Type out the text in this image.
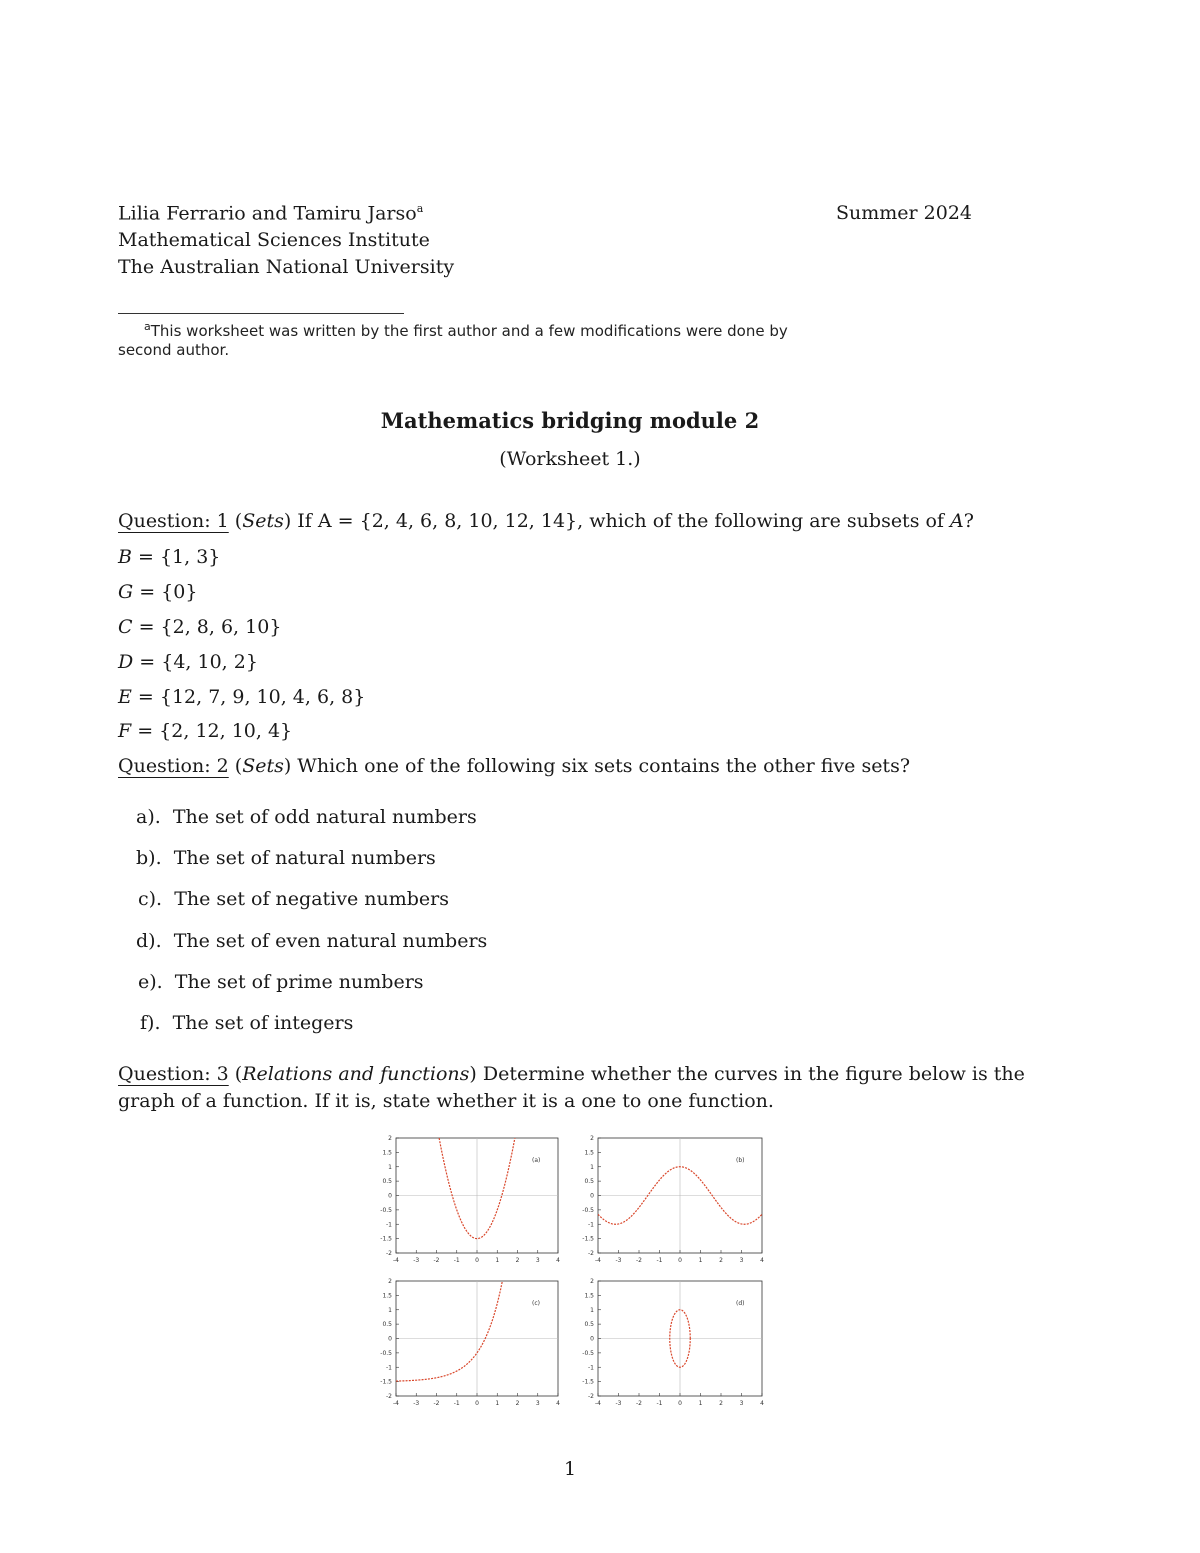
Lilia Ferrario and Tamiru Jarso$^a$	Summer 2024
Mathematical Sciences Institute
The Australian National University
$^a$This worksheet was written by the first author and a few modifications were done by
second author.
Mathematics bridging module 2
(Worksheet 1.)
Question: 1 (Sets) If A = {2, 4, 6, 8, 10, 12, 14}, which of the following are subsets of A?
B = {1, 3}
G = {0}
C = {2, 8, 6, 10}
D = {4, 10, 2}
E = {12, 7, 9, 10, 4, 6, 8}
F = {2, 12, 10, 4}
Question: 2 (Sets) Which one of the following six sets contains the other five sets?
a). The set of odd natural numbers
b). The set of natural numbers
c). The set of negative numbers
d). The set of even natural numbers
e). The set of prime numbers
f). The set of integers
Question: 3 (Relations and functions) Determine whether the curves in the figure below is the
graph of a function. If it is, state whether it is a one to one function.
-4 -3 -2 -1	0	1	2	3	4
2
1.5
1
0.5
0
-0.5
-1
-1.5
-2
(a)
-4 -3 -2 -1	0	1	2	3	4
2
1.5
1
0.5
0
-0.5
-1
-1.5
-2
(b)
-4 -3 -2 -1	0	1	2	3	4
2
1.5
1
0.5
0
-0.5
-1
-1.5
-2
(c)
-4 -3 -2 -1	0	1	2	3	4
2
1.5
1
0.5
0
-0.5
-1
-1.5
-2
(d)
1
